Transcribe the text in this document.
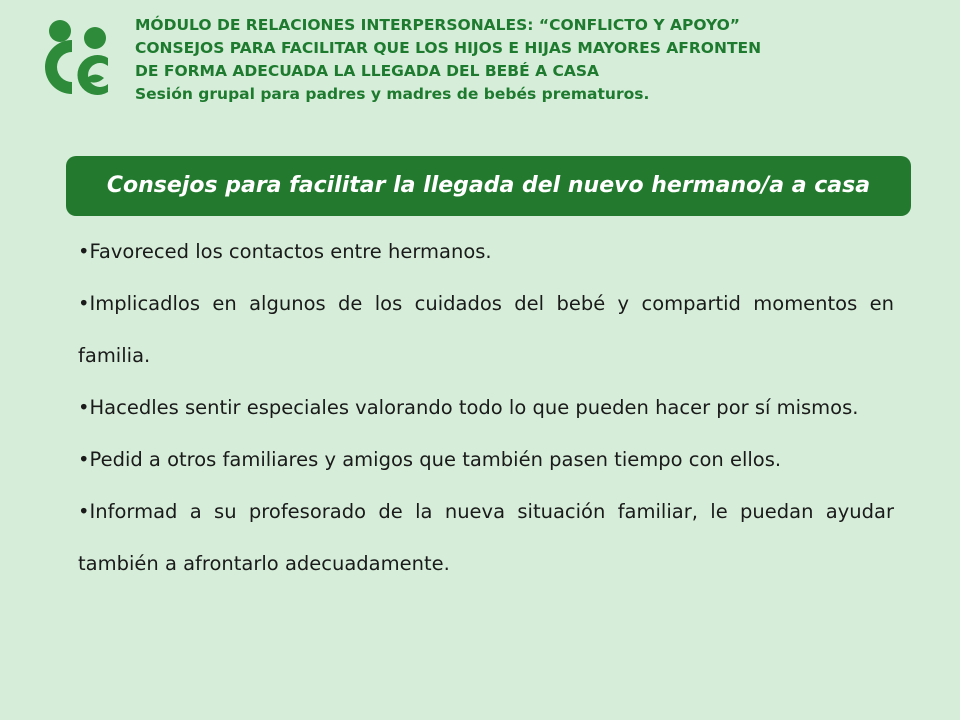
MÓDULO DE RELACIONES INTERPERSONALES: “CONFLICTO Y APOYO”
CONSEJOS PARA FACILITAR QUE LOS HIJOS E HIJAS MAYORES AFRONTEN
DE FORMA ADECUADA LA LLEGADA DEL BEBÉ A CASA
Sesión grupal para padres y madres de bebés prematuros.
Consejos para facilitar la llegada del nuevo hermano/a a casa

•Favoreced los contactos entre hermanos.

•Implicadlos en algunos de los cuidados del bebé y compartid momentos en familia.

•Hacedles sentir especiales valorando todo lo que pueden hacer por sí mismos.

•Pedid a otros familiares y amigos que también pasen tiempo con ellos.

•Informad a su profesorado de la nueva situación familiar, le puedan ayudar también a afrontarlo adecuadamente.
